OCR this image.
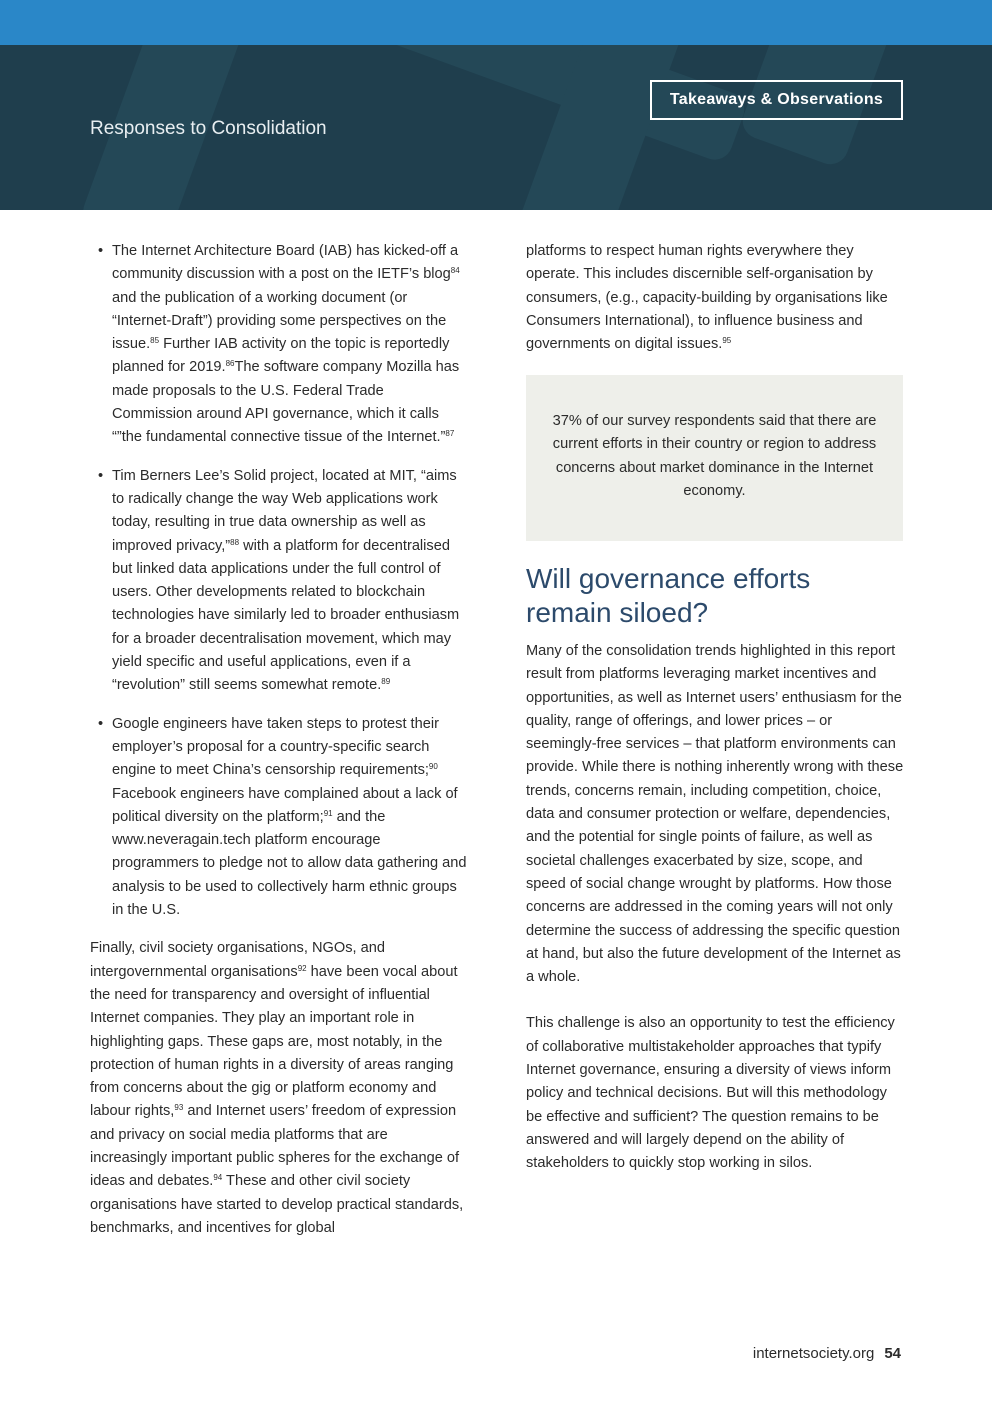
Responses to Consolidation
Takeaways & Observations
• The Internet Architecture Board (IAB) has kicked-off a community discussion with a post on the IETF’s blog$^{84}$ and the publication of a working document (or “Internet-Draft”) providing some perspectives on the issue.$^{85}$ Further IAB activity on the topic is reportedly planned for 2019.86The software company Mozilla has made proposals to the U.S. Federal Trade Commission around API governance, which it calls “”the fundamental connective tissue of the Internet.”$^{87}$
• Tim Berners Lee’s Solid project, located at MIT, “aims to radically change the way Web applications work today, resulting in true data ownership as well as improved privacy,”$^{88}$ with a platform for decentralised but linked data applications under the full control of users. Other developments related to blockchain technologies have similarly led to broader enthusiasm for a broader decentralisation movement, which may yield specific and useful applications, even if a “revolution” still seems somewhat remote.$^{89}$
• Google engineers have taken steps to protest their employer’s proposal for a country-specific search engine to meet China’s censorship requirements;$^{90}$ Facebook engineers have complained about a lack of political diversity on the platform;$^{91}$ and the www.neveragain.tech platform encourage programmers to pledge not to allow data gathering and analysis to be used to collectively harm ethnic groups in the U.S.

Finally, civil society organisations, NGOs, and intergovernmental organisations$^{92}$ have been vocal about the need for transparency and oversight of influential Internet companies. They play an important role in highlighting gaps. These gaps are, most notably, in the protection of human rights in a diversity of areas ranging from concerns about the gig or platform economy and labour rights,$^{93}$ and Internet users’ freedom of expression and privacy on social media platforms that are increasingly important public spheres for the exchange of ideas and debates.$^{94}$ These and other civil society organisations have started to develop practical standards, benchmarks, and incentives for global

platforms to respect human rights everywhere they operate. This includes discernible self-organisation by consumers, (e.g., capacity-building by organisations like Consumers International), to influence business and governments on digital issues.$^{95}$

37% of our survey respondents said that there are current efforts in their country or region to address concerns about market dominance in the Internet economy.
Will governance efforts remain siloed?

Many of the consolidation trends highlighted in this report result from platforms leveraging market incentives and opportunities, as well as Internet users’ enthusiasm for the quality, range of offerings, and lower prices – or seemingly-free services – that platform environments can provide. While there is nothing inherently wrong with these trends, concerns remain, including competition, choice, data and consumer protection or welfare, dependencies, and the potential for single points of failure, as well as societal challenges exacerbated by size, scope, and speed of social change wrought by platforms. How those concerns are addressed in the coming years will not only determine the success of addressing the specific question at hand, but also the future development of the Internet as a whole.

This challenge is also an opportunity to test the efficiency of collaborative multistakeholder approaches that typify Internet governance, ensuring a diversity of views inform policy and technical decisions. But will this methodology be effective and sufficient? The question remains to be answered and will largely depend on the ability of stakeholders to quickly stop working in silos.

internetsociety.org 54
